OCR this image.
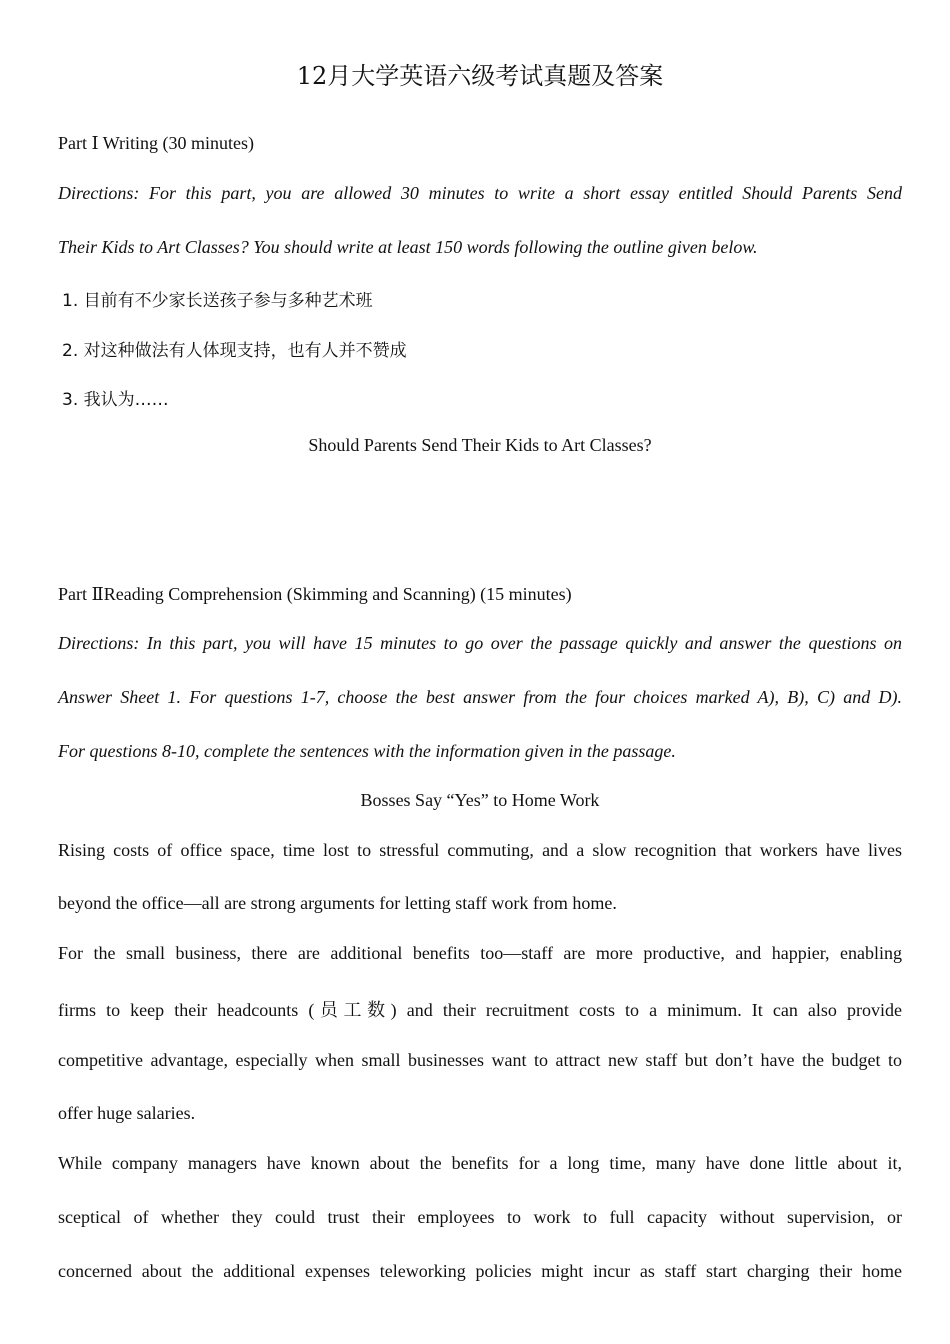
12月大学英语六级考试真题及答案
Part Ⅰ Writing (30 minutes)
Directions: For this part, you are allowed 30 minutes to write a short essay entitled Should Parents Send
Their Kids to Art Classes? You should write at least 150 words following the outline given below.
1. 目前有不少家长送孩子参与多种艺术班
2. 对这种做法有人体现支持，也有人并不赞成
3. 我认为……
Should Parents Send Their Kids to Art Classes?
Part ⅡReading Comprehension (Skimming and Scanning) (15 minutes)
Directions: In this part, you will have 15 minutes to go over the passage quickly and answer the questions on
Answer Sheet 1. For questions 1-7, choose the best answer from the four choices marked A), B), C) and D).
For questions 8-10, complete the sentences with the information given in the passage.
Bosses Say “Yes” to Home Work
Rising costs of office space, time lost to stressful commuting, and a slow recognition that workers have lives
beyond the office—all are strong arguments for letting staff work from home.
For the small business, there are additional benefits too—staff are more productive, and happier, enabling
firms to keep their headcounts (员工数) and their recruitment costs to a minimum. It can also provide
competitive advantage, especially when small businesses want to attract new staff but don’t have the budget to
offer huge salaries.
While company managers have known about the benefits for a long time, many have done little about it,
sceptical of whether they could trust their employees to work to full capacity without supervision, or
concerned about the additional expenses teleworking policies might incur as staff start charging their home
